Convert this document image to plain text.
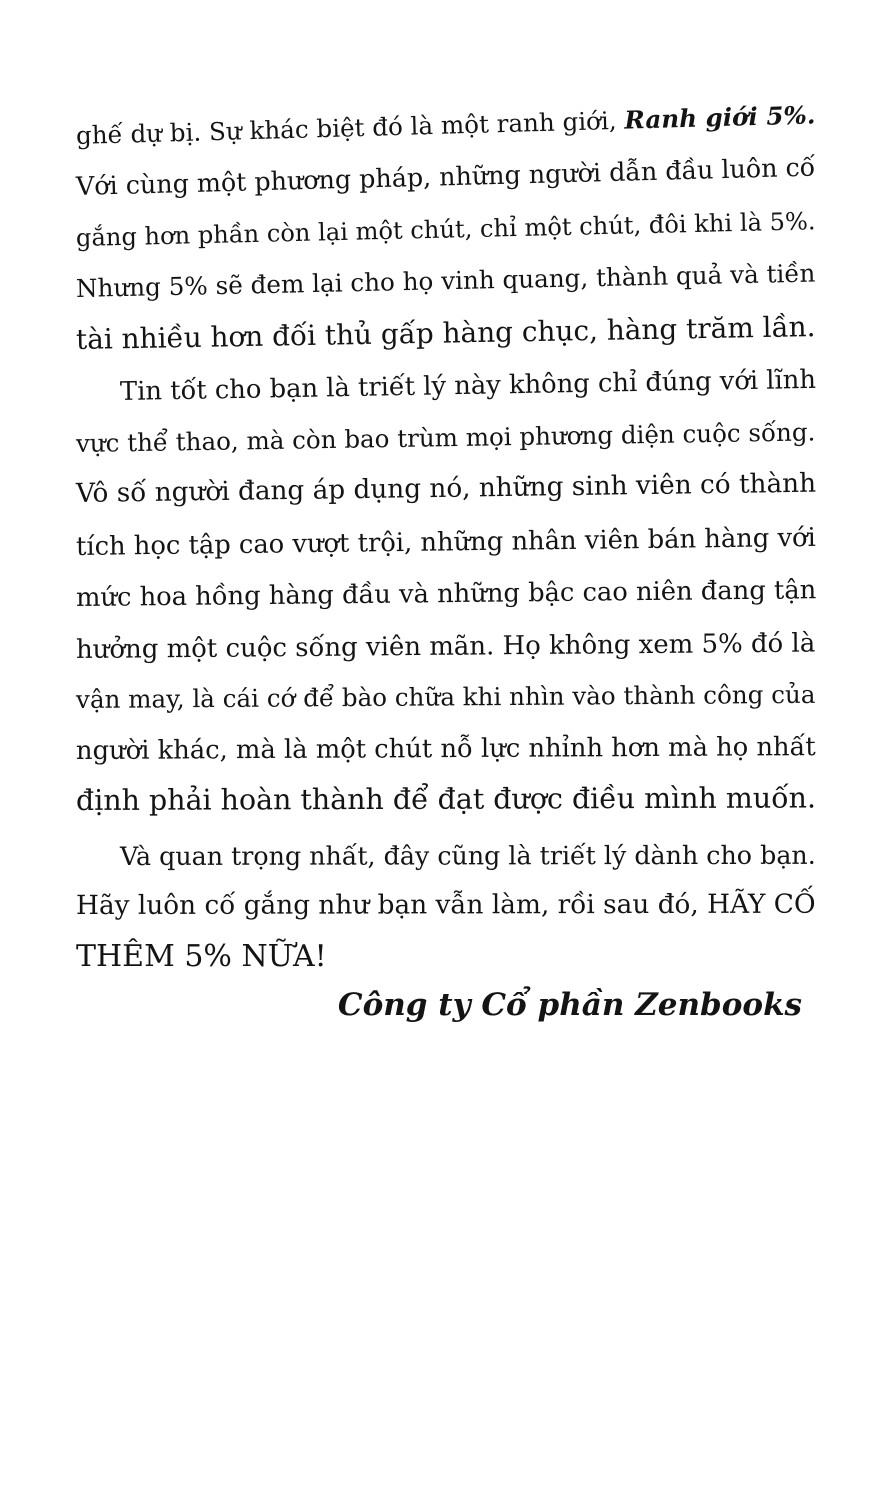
ghế dự bị. Sự khác biệt đó là một ranh giới, Ranh giới 5%.
Với cùng một phương pháp, những người dẫn đầu luôn cố
gắng hơn phần còn lại một chút, chỉ một chút, đôi khi là 5%.
Nhưng 5% sẽ đem lại cho họ vinh quang, thành quả và tiền
tài nhiều hơn đối thủ gấp hàng chục, hàng trăm lần.
Tin tốt cho bạn là triết lý này không chỉ đúng với lĩnh
vực thể thao, mà còn bao trùm mọi phương diện cuộc sống.
Vô số người đang áp dụng nó, những sinh viên có thành
tích học tập cao vượt trội, những nhân viên bán hàng với
mức hoa hồng hàng đầu và những bậc cao niên đang tận
hưởng một cuộc sống viên mãn. Họ không xem 5% đó là
vận may, là cái cớ để bào chữa khi nhìn vào thành công của
người khác, mà là một chút nỗ lực nhỉnh hơn mà họ nhất
định phải hoàn thành để đạt được điều mình muốn.
Và quan trọng nhất, đây cũng là triết lý dành cho bạn.
Hãy luôn cố gắng như bạn vẫn làm, rồi sau đó, HÃY CỐ
THÊM 5% NỮA!
Công ty Cổ phần Zenbooks
